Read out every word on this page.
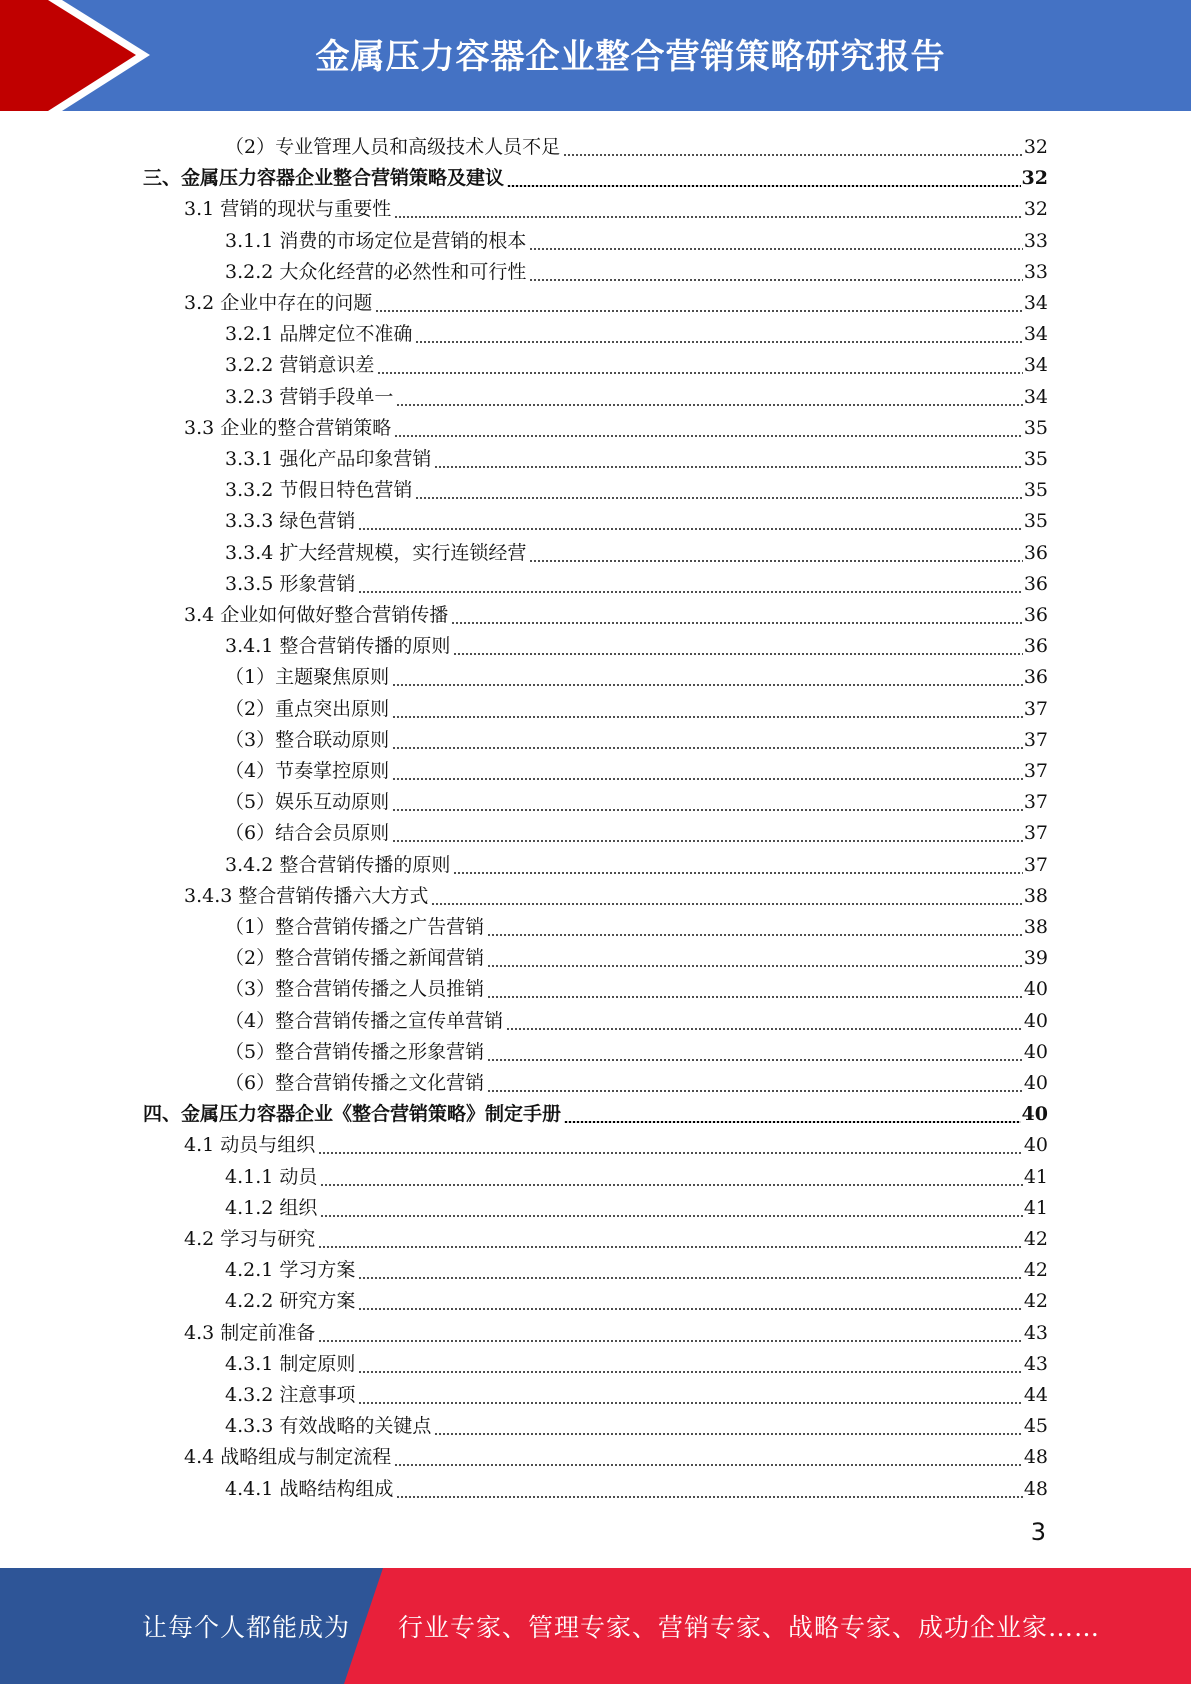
金属压力容器企业整合营销策略研究报告
（2）专业管理人员和高级技术人员不足	32
三、金属压力容器企业整合营销策略及建议	32
3.1 营销的现状与重要性	32
3.1.1 消费的市场定位是营销的根本	33
3.2.2 大众化经营的必然性和可行性	33
3.2 企业中存在的问题	34
3.2.1 品牌定位不准确	34
3.2.2 营销意识差	34
3.2.3 营销手段单一	34
3.3 企业的整合营销策略	35
3.3.1 强化产品印象营销	35
3.3.2 节假日特色营销	35
3.3.3 绿色营销	35
3.3.4 扩大经营规模，实行连锁经营	36
3.3.5 形象营销	36
3.4 企业如何做好整合营销传播	36
3.4.1 整合营销传播的原则	36
（1）主题聚焦原则	36
（2）重点突出原则	37
（3）整合联动原则	37
（4）节奏掌控原则	37
（5）娱乐互动原则	37
（6）结合会员原则	37
3.4.2 整合营销传播的原则	37
3.4.3 整合营销传播六大方式	38
（1）整合营销传播之广告营销	38
（2）整合营销传播之新闻营销	39
（3）整合营销传播之人员推销	40
（4）整合营销传播之宣传单营销	40
（5）整合营销传播之形象营销	40
（6）整合营销传播之文化营销	40
四、金属压力容器企业《整合营销策略》制定手册	40
4.1 动员与组织	40
4.1.1 动员	41
4.1.2 组织	41
4.2 学习与研究	42
4.2.1 学习方案	42
4.2.2 研究方案	42
4.3 制定前准备	43
4.3.1 制定原则	43
4.3.2 注意事项	44
4.3.3 有效战略的关键点	45
4.4 战略组成与制定流程	48
4.4.1 战略结构组成	48
3
让每个人都能成为 行业专家、管理专家、营销专家、战略专家、成功企业家……
